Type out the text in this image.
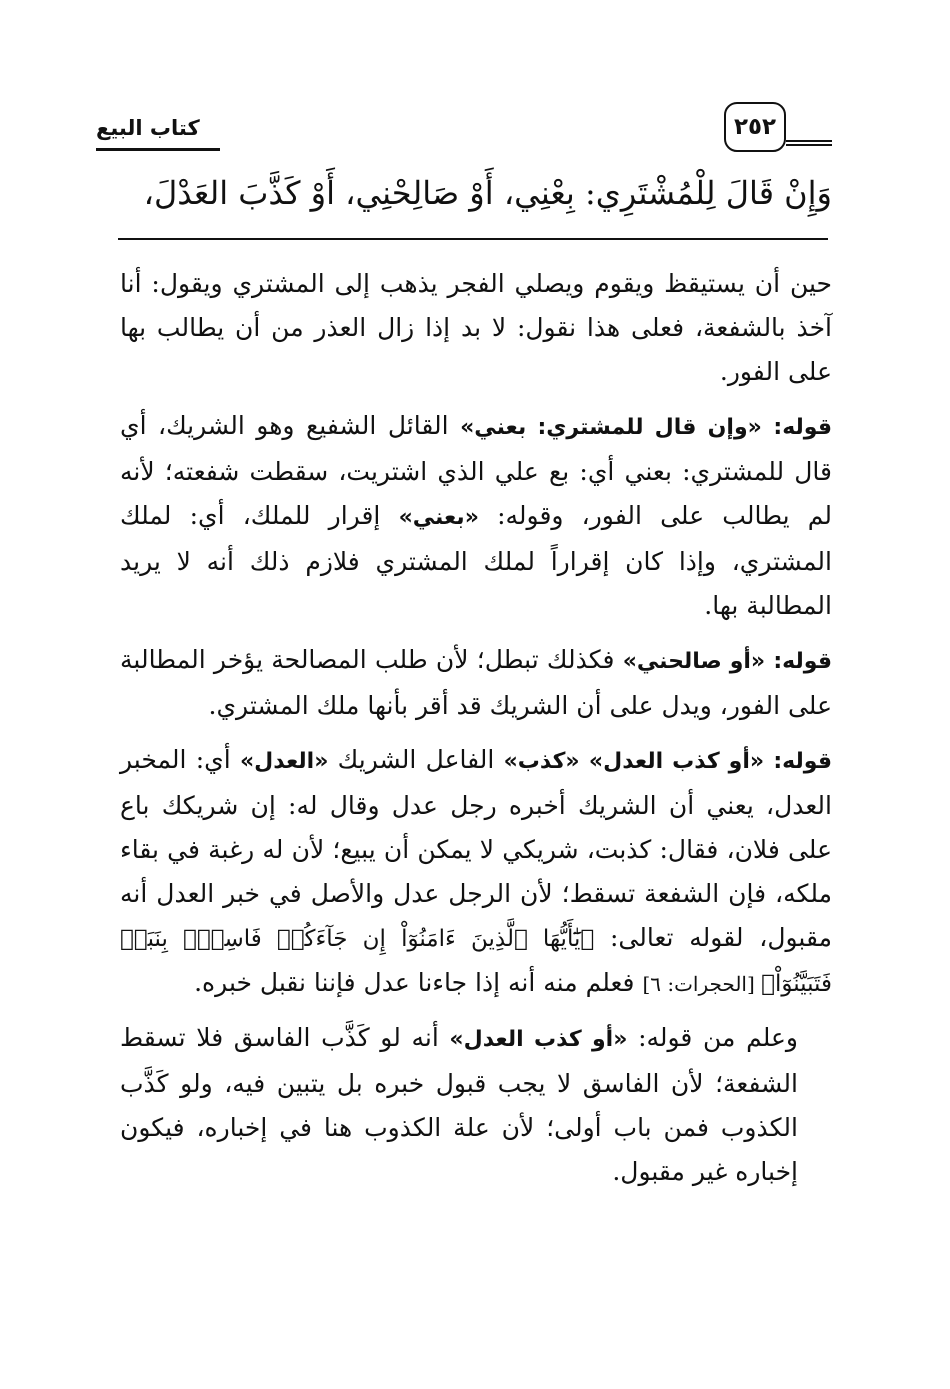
كتاب البيع	٢٥٢
وَإِنْ قَالَ لِلْمُشْتَرِي: بِعْنِي، أَوْ صَالِحْنِي، أَوْ كَذَّبَ العَدْلَ،

حين أن يستيقظ ويقوم ويصلي الفجر يذهب إلى المشتري ويقول: أنا آخذ بالشفعة، فعلى هذا نقول: لا بد إذا زال العذر من أن يطالب بها على الفور.

قوله: «وإن قال للمشتري: بعني» القائل الشفيع وهو الشريك، أي قال للمشتري: بعني أي: بع علي الذي اشتريت، سقطت شفعته؛ لأنه لم يطالب على الفور، وقوله: «بعني» إقرار للملك، أي: لملك المشتري، وإذا كان إقراراً لملك المشتري فلازم ذلك أنه لا يريد المطالبة بها.

قوله: «أو صالحني» فكذلك تبطل؛ لأن طلب المصالحة يؤخر المطالبة على الفور، ويدل على أن الشريك قد أقر بأنها ملك المشتري.

قوله: «أو كذب العدل» «كذب» الفاعل الشريك «العدل» أي: المخبر العدل، يعني أن الشريك أخبره رجل عدل وقال له: إن شريكك باع على فلان، فقال: كذبت، شريكي لا يمكن أن يبيع؛ لأن له رغبة في بقاء ملكه، فإن الشفعة تسقط؛ لأن الرجل عدل والأصل في خبر العدل أنه مقبول، لقوله تعالى: ﴿يَٰٓأَيُّهَا ٱلَّذِينَ ءَامَنُوٓاْ إِن جَآءَكُمۡ فَاسِقُۢ بِنَبَإٖ فَتَبَيَّنُوٓاْ﴾ [الحجرات: ٦] فعلم منه أنه إذا جاءنا عدل فإننا نقبل خبره.

وعلم من قوله: «أو كذب العدل» أنه لو كَذَّب الفاسق فلا تسقط الشفعة؛ لأن الفاسق لا يجب قبول خبره بل يتبين فيه، ولو كَذَّب الكذوب فمن باب أولى؛ لأن علة الكذوب هنا في إخباره، فيكون إخباره غير مقبول.
